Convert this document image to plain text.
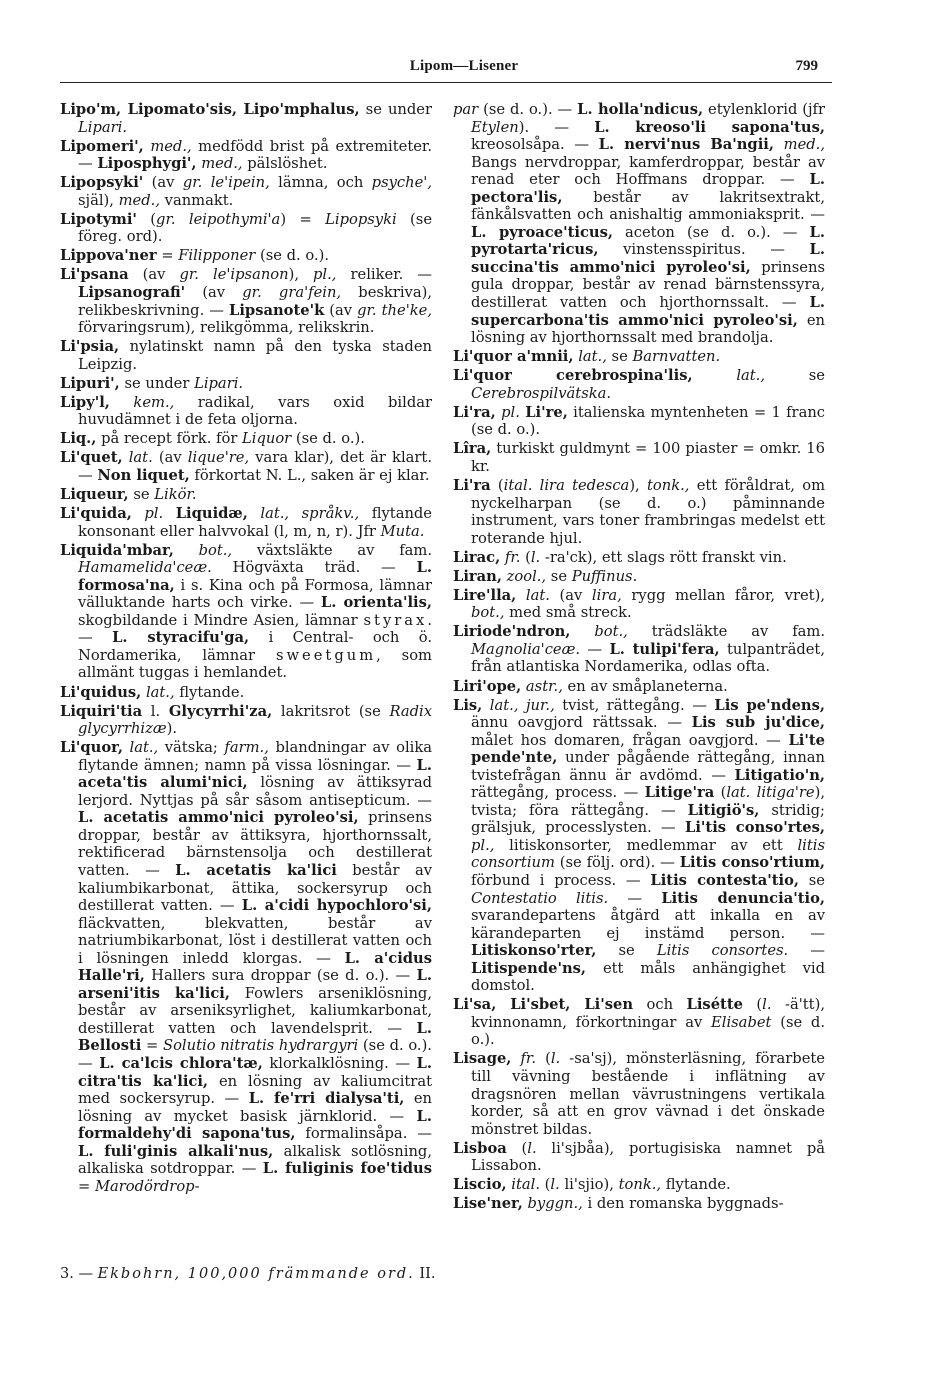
Lipom—Lisener	799

Lipo'm, Lipomato'sis, Lipo'mphalus, se under Lipari.

Lipomeri', med., medfödd brist på extremiteter. — Liposphygi', med., pälslöshet.

Lipopsyki' (av gr. le'ipein, lämna, och psyche', själ), med., vanmakt.

Lipotymi' (gr. leipothymi'a) = Lipopsyki (se föreg. ord).

Lippova'ner = Filipponer (se d. o.).

Li'psana (av gr. le'ipsanon), pl., reliker. — Lipsanografi' (av gr. gra'fein, beskriva), relikbeskrivning. — Lipsanote'k (av gr. the'ke, förvaringsrum), relikgömma, relikskrin.

Li'psia, nylatinskt namn på den tyska staden Leipzig.

Lipuri', se under Lipari.

Lipy'l, kem., radikal, vars oxid bildar huvudämnet i de feta oljorna.

Liq., på recept förk. för Liquor (se d. o.).

Li'quet, lat. (av lique're, vara klar), det är klart. — Non liquet, förkortat N. L., saken är ej klar.

Liqueur, se Likör.

Li'quida, pl. Liquidæ, lat., språkv., flytande konsonant eller halvvokal (l, m, n, r). Jfr Muta.

Liquida'mbar, bot., växtsläkte av fam. Hamamelida'ceæ. Högväxta träd. — L. formosa'na, i s. Kina och på Formosa, lämnar välluktande harts och virke. — L. orienta'lis, skogbildande i Mindre Asien, lämnar styrax. — L. styracifu'ga, i Central- och ö. Nordamerika, lämnar sweetgum, som allmänt tuggas i hemlandet.

Li'quidus, lat., flytande.

Liquiri'tia l. Glycyrrhi'za, lakritsrot (se Radix glycyrrhizæ).

Li'quor, lat., vätska; farm., blandningar av olika flytande ämnen; namn på vissa lösningar. — L. aceta'tis alumi'nici, lösning av ättiksyrad lerjord. Nyttjas på sår såsom antisepticum. — L. acetatis ammo'nici pyroleo'si, prinsens droppar, består av ättiksyra, hjorthornssalt, rektificerad bärnstensolja och destillerat vatten. — L. acetatis ka'lici består av kaliumbikarbonat, ättika, sockersyrup och destillerat vatten. — L. a'cidi hypochloro'si, fläckvatten, blekvatten, består av natriumbikarbonat, löst i destillerat vatten och i lösningen inledd klorgas. — L. a'cidus Halle'ri, Hallers sura droppar (se d. o.). — L. arseni'itis ka'lici, Fowlers arseniklösning, består av arseniksyrlighet, kaliumkarbonat, destillerat vatten och lavendelsprit. — L. Bellosti = Solutio nitratis hydrargyri (se d. o.). — L. ca'lcis chlora'tæ, klorkalklösning. — L. citra'tis ka'lici, en lösning av kaliumcitrat med sockersyrup. — L. fe'rri dialysa'ti, en lösning av mycket basisk järnklorid. — L. formaldehy'di sapona'tus, formalinsåpa. — L. fuli'ginis alkali'nus, alkalisk sotlösning, alkaliska sotdroppar. — L. fuliginis foe'tidus = Marodördrop-

par (se d. o.). — L. holla'ndicus, etylenklorid (jfr Etylen). — L. kreoso'li sapona'tus, kreosolsåpa. — L. nervi'nus Ba'ngii, med., Bangs nervdroppar, kamferdroppar, består av renad eter och Hoffmans droppar. — L. pectora'lis, består av lakritsextrakt, fänkålsvatten och anishaltig ammoniaksprit. — L. pyroace'ticus, aceton (se d. o.). — L. pyrotarta'ricus, vinstensspiritus. — L. succina'tis ammo'nici pyroleo'si, prinsens gula droppar, består av renad bärnstenssyra, destillerat vatten och hjorthornssalt. — L. supercarbona'tis ammo'nici pyroleo'si, en lösning av hjorthornssalt med brandolja.

Li'quor a'mnii, lat., se Barnvatten.

Li'quor cerebrospina'lis,	lat., se Cerebrospilvätska.

Li'ra, pl. Li're, italienska myntenheten = 1 franc (se d. o.).

Lîra, turkiskt guldmynt = 100 piaster = omkr. 16 kr.

Li'ra (ital. lira tedesca), tonk., ett föråldrat, om nyckelharpan (se d. o.) påminnande instrument, vars toner frambringas medelst ett roterande hjul.

Lirac, fr. (l. -ra'ck), ett slags rött franskt vin.

Liran, zool., se Puffinus.

Lire'lla, lat. (av lira, rygg mellan fåror, vret), bot., med små streck.

Liriode'ndron, bot., trädsläkte av fam. Magnolia'ceæ. — L. tulipi'fera, tulpanträdet, från atlantiska Nordamerika, odlas ofta.

Liri'ope, astr., en av småplaneterna.

Lis, lat., jur., tvist, rättegång. — Lis pe'ndens, ännu oavgjord rättssak. — Lis sub ju'dice, målet hos domaren, frågan oavgjord. — Li'te pende'nte, under pågående rättegång, innan tvistefrågan ännu är avdömd. — Litigatio'n, rättegång, process. — Litige'ra (lat. litiga're), tvista; föra rättegång. — Litigiö's, stridig; grälsjuk, processlysten. — Li'tis conso'rtes, pl., litiskonsorter, medlemmar av ett litis consortium (se följ. ord). — Litis conso'rtium, förbund i process. — Litis contesta'tio, se Contestatio litis. — Litis denuncia'tio, svarandepartens åtgärd att inkalla en av kärandeparten ej instämd person. — Litiskonso'rter, se Litis consortes. — Litispende'ns, ett måls anhängighet vid domstol.

Li'sa, Li'sbet, Li'sen och Lisétte (l. -ä'tt), kvinnonamn, förkortningar av Elisabet (se d. o.).

Lisage, fr. (l. -sa'sj), mönsterläsning, förarbete till vävning bestående i inflätning av dragsnören mellan vävrustningens vertikala korder, så att en grov vävnad i det önskade mönstret bildas.

Lisboa (l. li'sjbåa), portugisiska namnet på Lissabon.

Liscio, ital. (l. li'sjio), tonk., flytande.

Lise'ner, byggn., i den romanska byggnads-

3. — Ekbohrn, 100,000 främmande ord. II.
